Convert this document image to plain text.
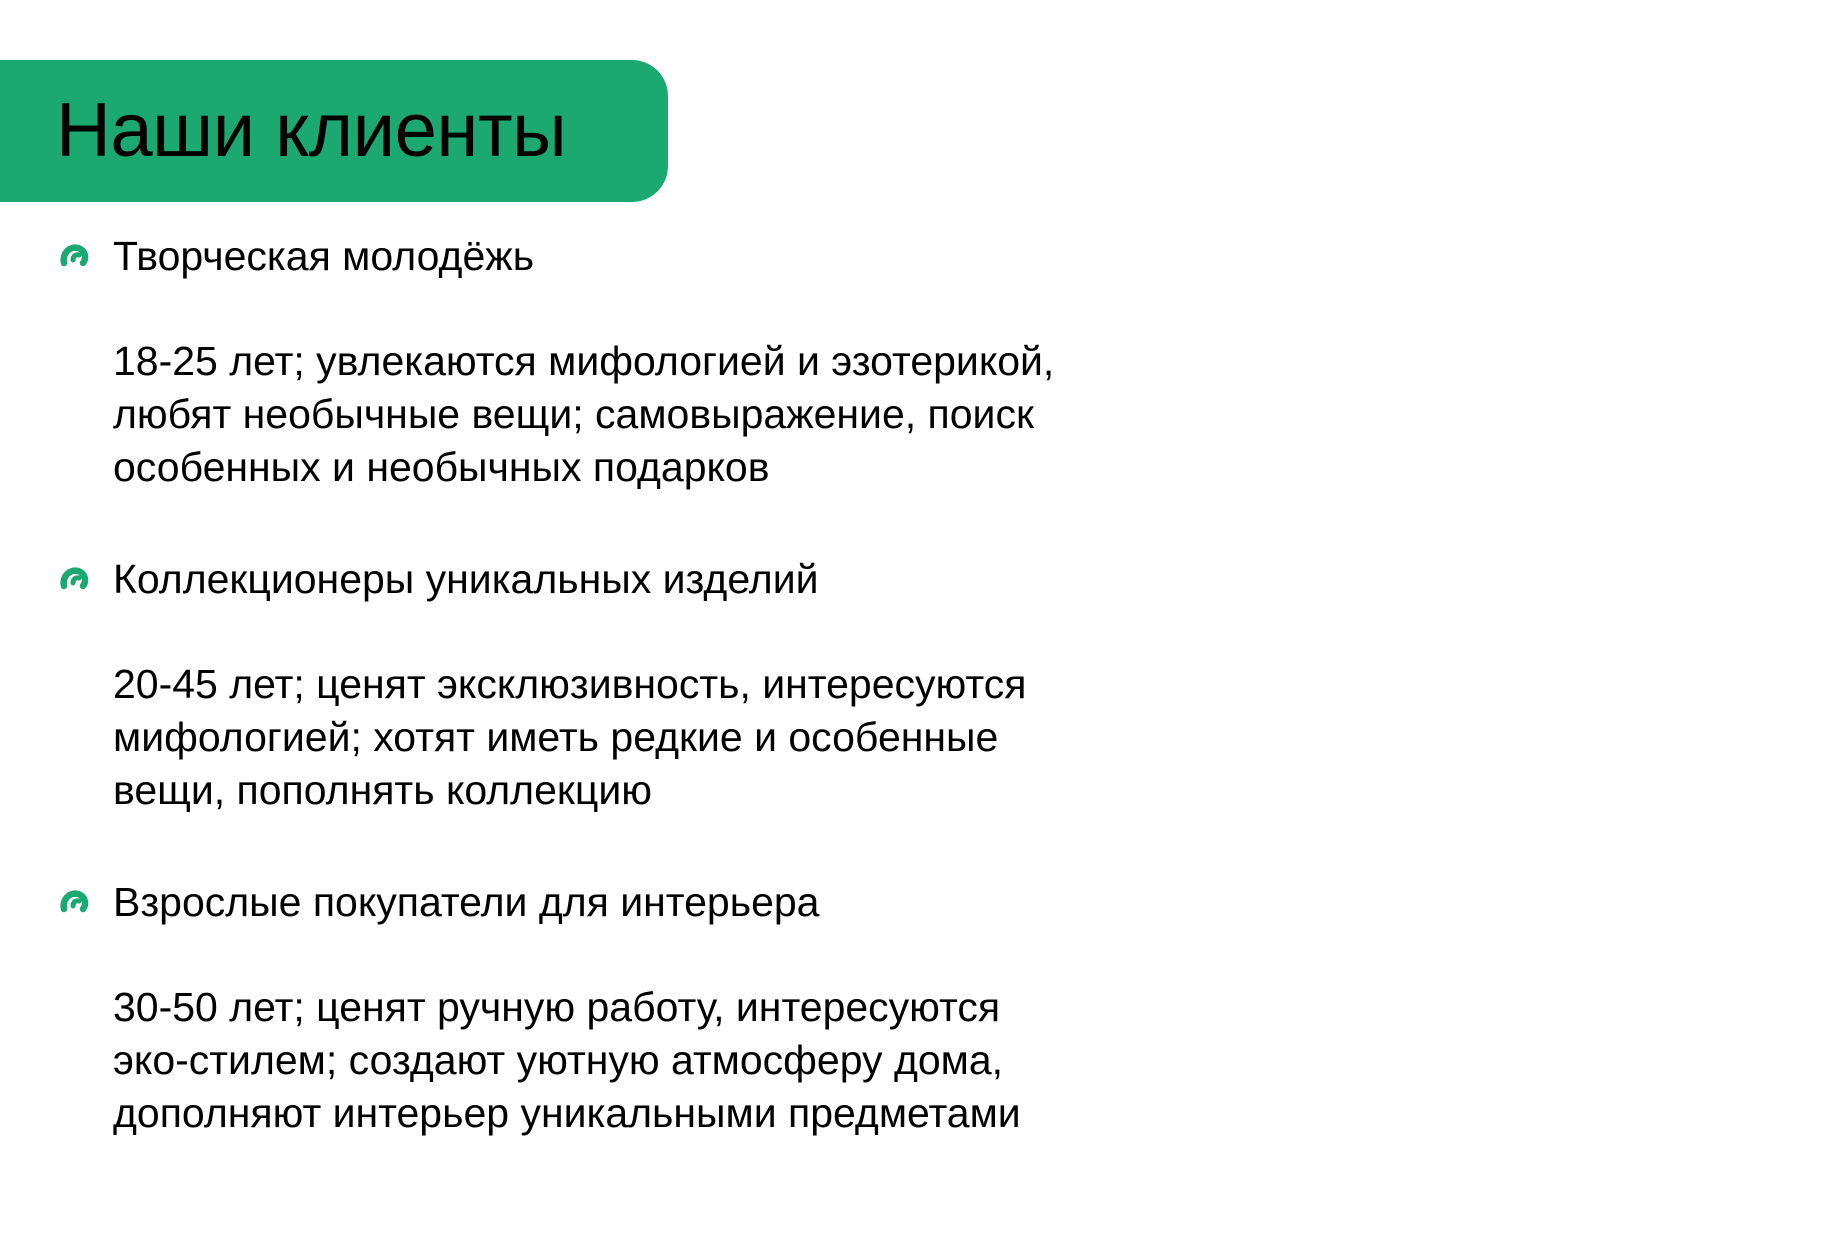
Наши клиенты
Творческая молодёжь
18-25 лет; увлекаются мифологией и эзотерикой,
любят необычные вещи; самовыражение, поиск
особенных и необычных подарков
Коллекционеры уникальных изделий
20-45 лет; ценят эксклюзивность, интересуются
мифологией; хотят иметь редкие и особенные
вещи, пополнять коллекцию
Взрослые покупатели для интерьера
30-50 лет; ценят ручную работу, интересуются
эко-стилем; создают уютную атмосферу дома,
дополняют интерьер уникальными предметами
